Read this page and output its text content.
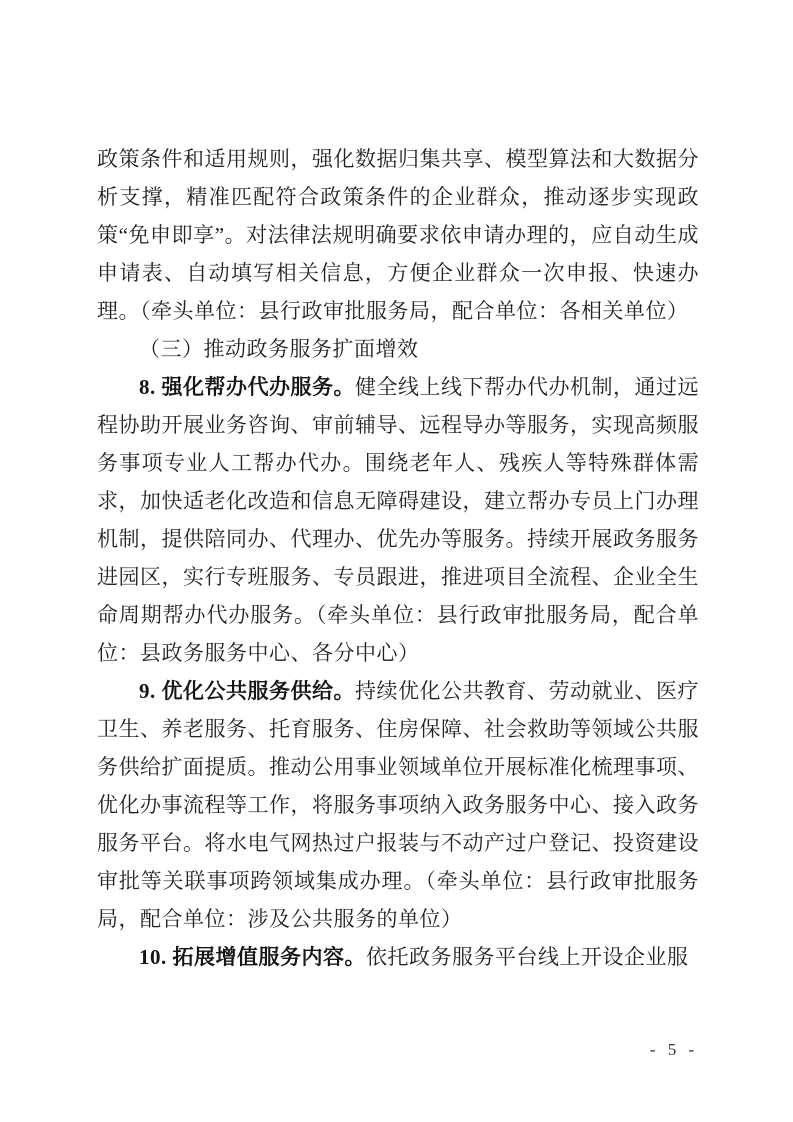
政策条件和适用规则，强化数据归集共享、模型算法和大数据分析支撑，精准匹配符合政策条件的企业群众，推动逐步实现政策“免申即享”。对法律法规明确要求依申请办理的，应自动生成申请表、自动填写相关信息，方便企业群众一次申报、快速办理。（牵头单位：县行政审批服务局，配合单位：各相关单位）

（三）推动政务服务扩面增效

8. 强化帮办代办服务。健全线上线下帮办代办机制，通过远程协助开展业务咨询、审前辅导、远程导办等服务，实现高频服务事项专业人工帮办代办。围绕老年人、残疾人等特殊群体需求，加快适老化改造和信息无障碍建设，建立帮办专员上门办理机制，提供陪同办、代理办、优先办等服务。持续开展政务服务进园区，实行专班服务、专员跟进，推进项目全流程、企业全生命周期帮办代办服务。（牵头单位：县行政审批服务局，配合单位：县政务服务中心、各分中心）

9. 优化公共服务供给。持续优化公共教育、劳动就业、医疗卫生、养老服务、托育服务、住房保障、社会救助等领域公共服务供给扩面提质。推动公用事业领域单位开展标准化梳理事项、优化办事流程等工作，将服务事项纳入政务服务中心、接入政务服务平台。将水电气网热过户报装与不动产过户登记、投资建设审批等关联事项跨领域集成办理。（牵头单位：县行政审批服务局，配合单位：涉及公共服务的单位）

10. 拓展增值服务内容。依托政务服务平台线上开设企业服

- 5 -
